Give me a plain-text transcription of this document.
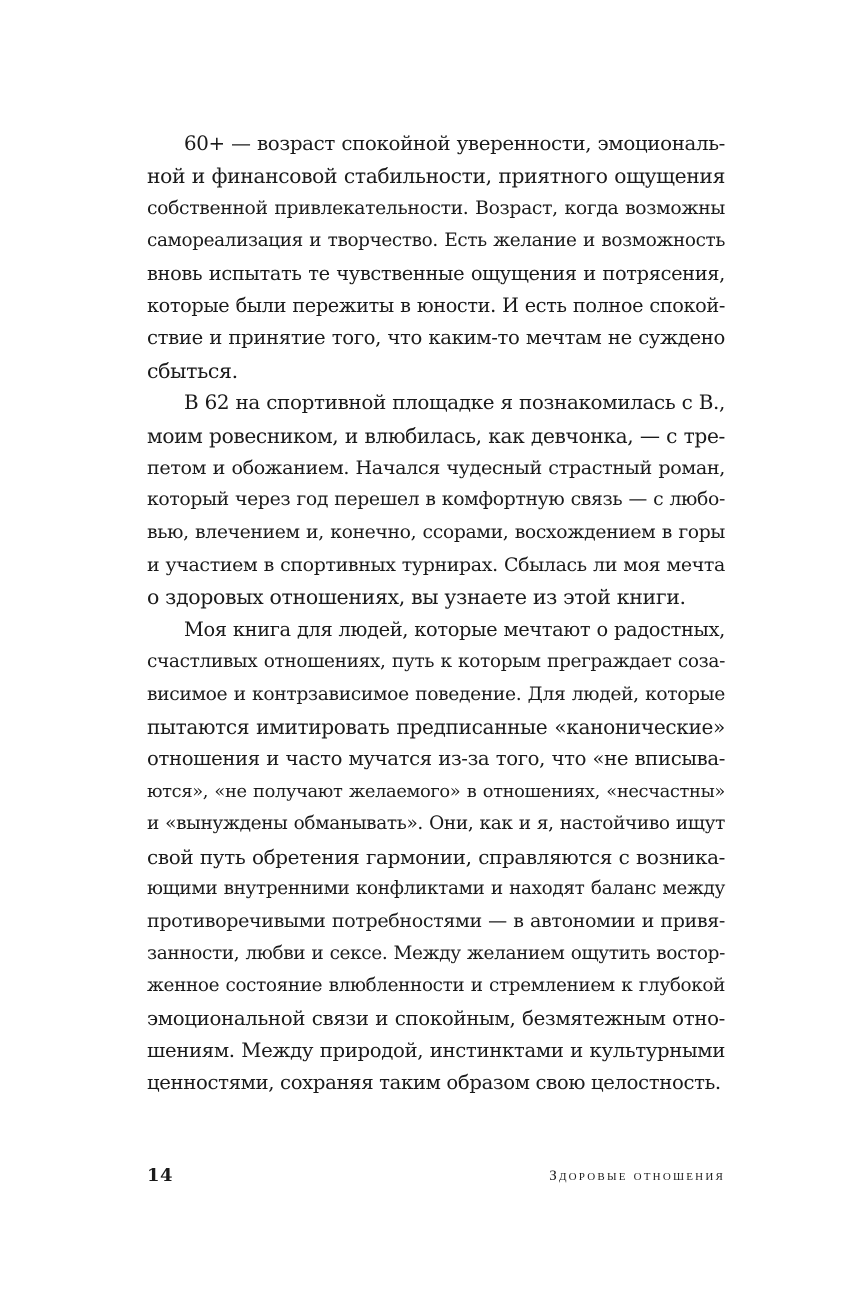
60+ — возраст спокойной уверенности, эмоциональ-
ной и финансовой стабильности, приятного ощущения
собственной привлекательности. Возраст, когда возможны
самореализация и творчество. Есть желание и возможность
вновь испытать те чувственные ощущения и потрясения,
которые были пережиты в юности. И есть полное спокой-
ствие и принятие того, что каким-то мечтам не суждено
сбыться.

В 62 на спортивной площадке я познакомилась с В.,
моим ровесником, и влюбилась, как девчонка, — с тре-
петом и обожанием. Начался чудесный страстный роман,
который через год перешел в комфортную связь — с любо-
вью, влечением и, конечно, ссорами, восхождением в горы
и участием в спортивных турнирах. Сбылась ли моя мечта
о здоровых отношениях, вы узнаете из этой книги.

Моя книга для людей, которые мечтают о радостных,
счастливых отношениях, путь к которым преграждает соза-
висимое и контрзависимое поведение. Для людей, которые
пытаются имитировать предписанные «канонические»
отношения и часто мучатся из-за того, что «не вписыва-
ются», «не получают желаемого» в отношениях, «несчастны»
и «вынуждены обманывать». Они, как и я, настойчиво ищут
свой путь обретения гармонии, справляются с возника-
ющими внутренними конфликтами и находят баланс между
противоречивыми потребностями — в автономии и привя-
занности, любви и сексе. Между желанием ощутить востор-
женное состояние влюбленности и стремлением к глубокой
эмоциональной связи и спокойным, безмятежным отно-
шениям. Между природой, инстинктами и культурными
ценностями, сохраняя таким образом свою целостность.

14	Здоровые отношения
